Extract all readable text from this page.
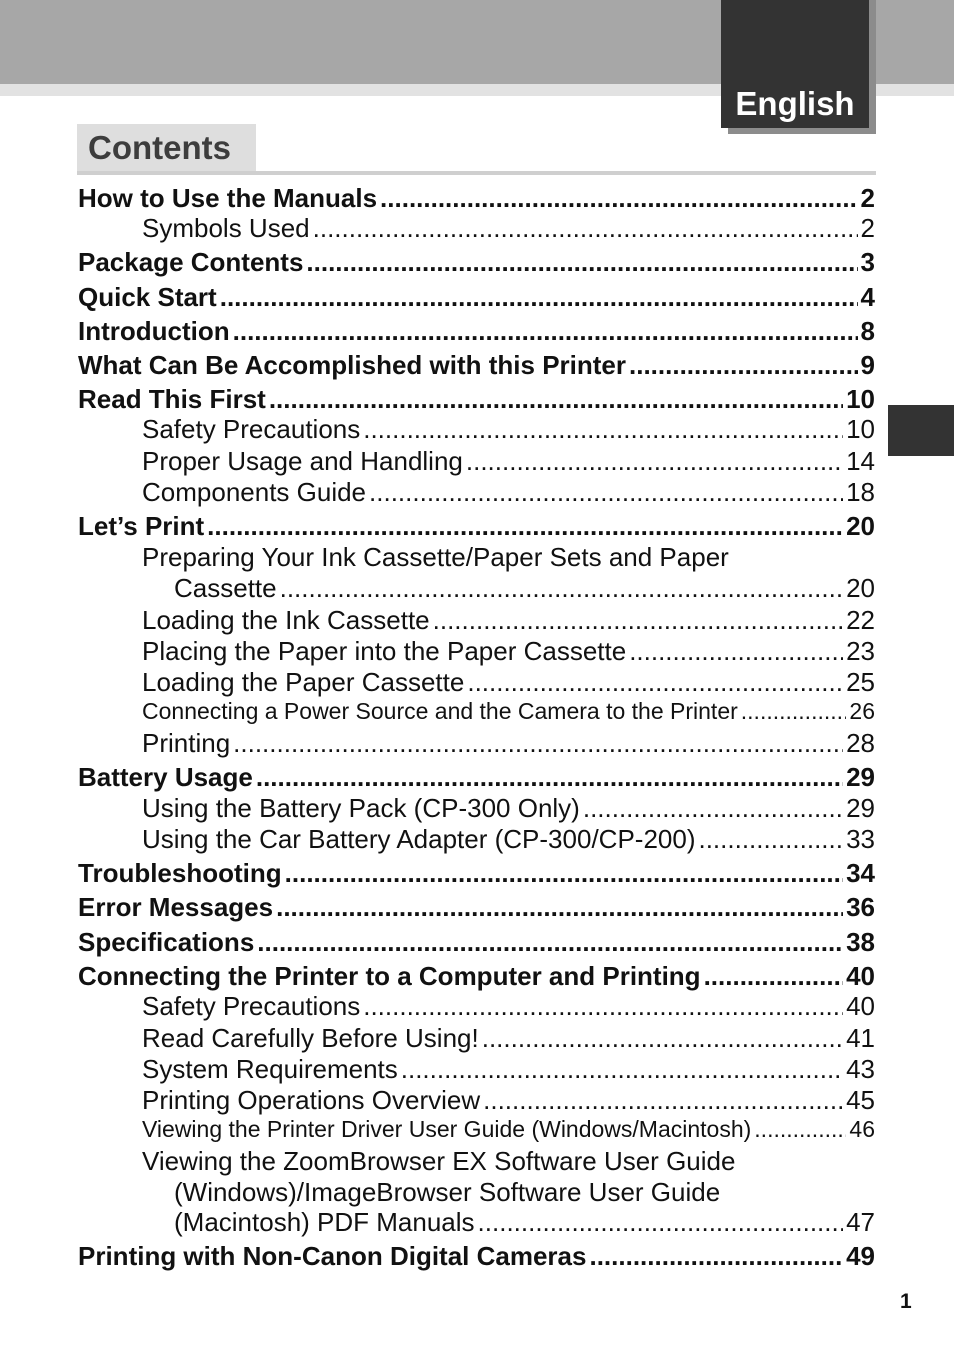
English
Contents
How to Use the Manuals .....	2
Symbols Used .....	2
Package Contents .....	3
Quick Start .....	4
Introduction .....	8
What Can Be Accomplished with this Printer .....	9
Read This First .....	10
Safety Precautions .....	10
Proper Usage and Handling .....	14
Components Guide .....	18
Let’s Print .....	20
Preparing Your Ink Cassette/Paper Sets and Paper
Cassette .....	20
Loading the Ink Cassette .....	22
Placing the Paper into the Paper Cassette .....	23
Loading the Paper Cassette .....	25
Connecting a Power Source and the Camera to the Printer .....	26
Printing .....	28
Battery Usage .....	29
Using the Battery Pack (CP-300 Only) .....	29
Using the Car Battery Adapter (CP-300/CP-200) .....	33
Troubleshooting .....	34
Error Messages .....	36
Specifications .....	38
Connecting the Printer to a Computer and Printing .....	40
Safety Precautions .....	40
Read Carefully Before Using! .....	41
System Requirements .....	43
Printing Operations Overview .....	45
Viewing the Printer Driver User Guide (Windows/Macintosh) .....	46
Viewing the ZoomBrowser EX Software User Guide
(Windows)/ImageBrowser Software User Guide
(Macintosh) PDF Manuals .....	47
Printing with Non-Canon Digital Cameras .....	49
1
